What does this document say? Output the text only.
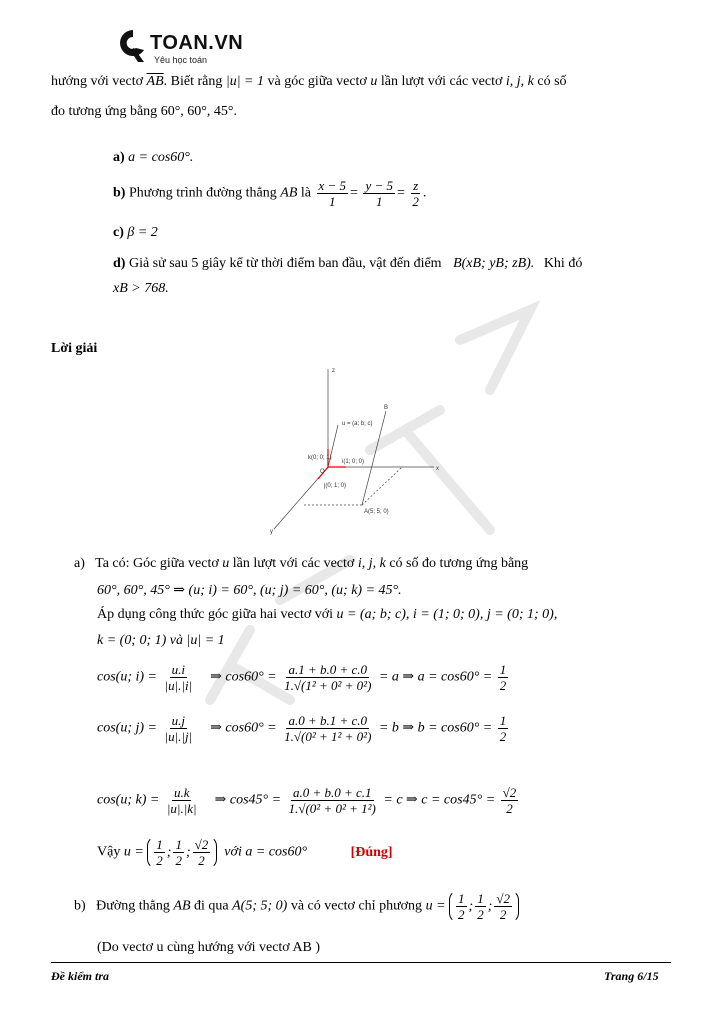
TOAN.VN
Yêu học toán
hướng với vectơ $\overline{AB}$. Biết rằng |u| = 1 và góc giữa vectơ u lần lượt với các vectơ i, j, k có số
đo tương ứng bằng 60°, 60°, 45°.
a) a = cos60°.
b) Phương trình đường thẳng AB là $\frac{x - 5}{1} = \frac{y - 5}{1} = \frac{z}{2}$ .
c) β = 2
d) Giả sử sau 5 giây kể từ thời điểm ban đầu, vật đến điểm B(xB; yB; zB). Khi đó
xB > 768.
Lời giải
z
x
y
O
u = (a; b; c)
B
k(0; 0; 1)
i(1; 0; 0)
j(0; 1; 0)
A(5; 5; 0)
a) Ta có: Góc giữa vectơ u lần lượt với các vectơ i, j, k có số đo tương ứng bằng
60°, 60°, 45° ⇒ (u; i) = 60°, (u; j) = 60°, (u; k) = 45°.
Áp dụng công thức góc giữa hai vectơ với u = (a; b; c), i = (1; 0; 0), j = (0; 1; 0),
k = (0; 0; 1) và |u| = 1
cos(u; $i) = \frac{u.i}{|u|.|i|}$ ⇒ $\cos 60^\circ = \frac{a.1 + b.0 + c.0}{\text{1.√(1² + 0² + 0²)}} = a$ ⇒ $a = \cos 60^\circ = \frac{1}{2}$
cos(u; $j) = \frac{u.j}{|u|.|j|}$ ⇒ $\cos 60^\circ = \frac{a.0 + b.1 + c.0}{\text{1.√(0² + 1² + 0²)}} = b$ ⇒ $b = \cos 60^\circ = \frac{1}{2}$
cos(u; $k) = \frac{u.k}{|u|.|k|}$ ⇒ $\cos 45^\circ = \frac{a.0 + b.0 + c.1}{\text{1.√(0² + 0² + 1²)}} = c$ ⇒ $c = \cos 45^\circ = \frac{√2}{2}$
Vậy $u = \frac{1}{2}$ ; $\frac{1}{2}$ ; $\frac{√2}{2}$ với a = cos60°	[Đúng]
b) Đường thẳng AB đi qua A(5; 5; 0) và có vectơ chỉ phương $u = \frac{1}{2}$ ; $\frac{1}{2}$ ; $\frac{√2}{2}$
(Do vectơ u cùng hướng với vectơ AB )
Đề kiểm tra	Trang 6/15
